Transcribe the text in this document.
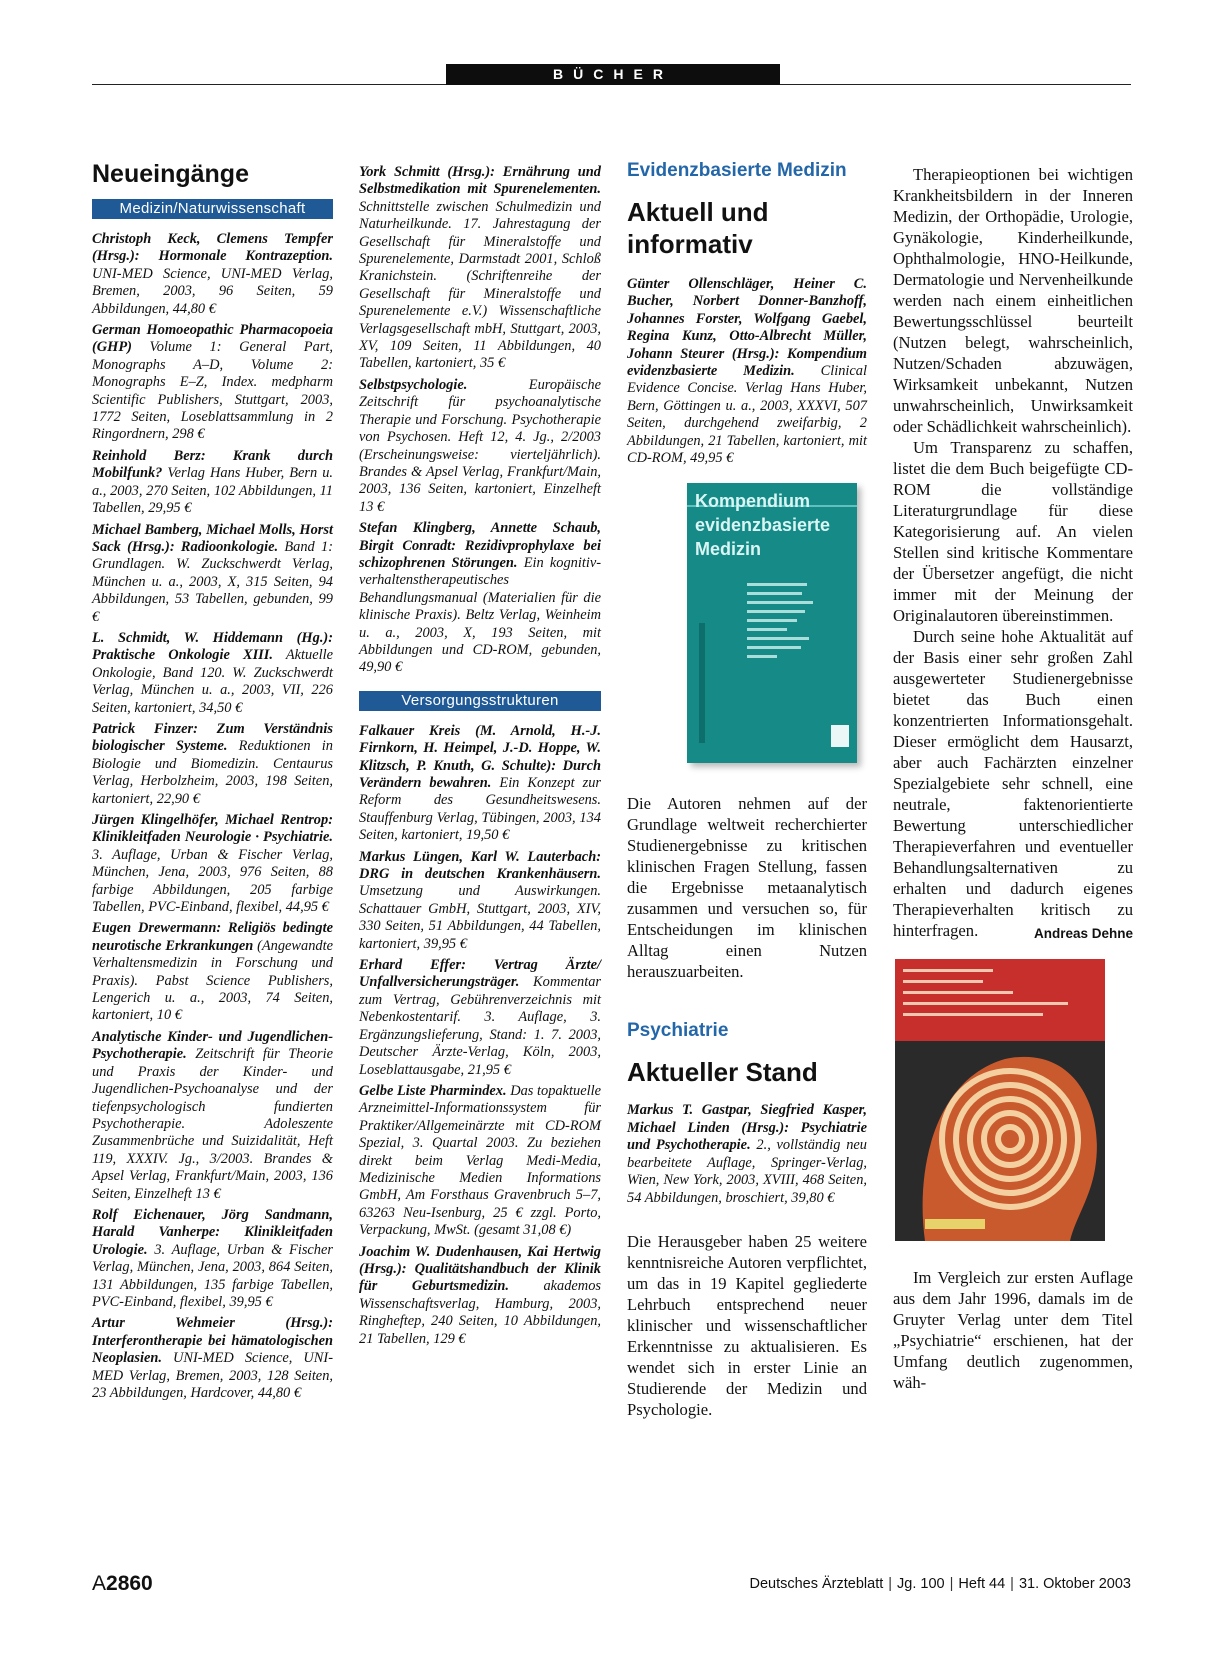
BÜCHER
Neueingänge
Medizin/Naturwissenschaft

Christoph Keck, Clemens Tempfer (Hrsg.): Hormonale Kontrazeption. UNI-MED Science, UNI-MED Verlag, Bremen, 2003, 96 Seiten, 59 Abbildungen, 44,80 €

German Homoeopathic Pharmacopoeia (GHP) Volume 1: General Part, Monographs A–D, Volume 2: Monographs E–Z, Index. medpharm Scientific Publishers, Stuttgart, 2003, 1772 Seiten, Loseblattsammlung in 2 Ringordnern, 298 €

Reinhold Berz: Krank durch Mobilfunk? Verlag Hans Huber, Bern u. a., 2003, 270 Seiten, 102 Abbildungen, 11 Tabellen, 29,95 €

Michael Bamberg, Michael Molls, Horst Sack (Hrsg.): Radioonkologie. Band 1: Grundlagen. W. Zuckschwerdt Verlag, München u. a., 2003, X, 315 Seiten, 94 Abbildungen, 53 Tabellen, gebunden, 99 €

L. Schmidt, W. Hiddemann (Hg.): Praktische Onkologie XIII. Aktuelle Onkologie, Band 120. W. Zuckschwerdt Verlag, München u. a., 2003, VII, 226 Seiten, kartoniert, 34,50 €

Patrick Finzer: Zum Verständnis biologischer Systeme. Reduktionen in Biologie und Biomedizin. Centaurus Verlag, Herbolzheim, 2003, 198 Seiten, kartoniert, 22,90 €

Jürgen Klingelhöfer, Michael Rentrop: Klinikleitfaden Neurologie · Psychiatrie. 3. Auflage, Urban & Fischer Verlag, München, Jena, 2003, 976 Seiten, 88 farbige Abbildungen, 205 farbige Tabellen, PVC-Einband, flexibel, 44,95 €

Eugen Drewermann: Religiös bedingte neurotische Erkrankungen (Angewandte Verhaltensmedizin in Forschung und Praxis). Pabst Science Publishers, Lengerich u. a., 2003, 74 Seiten, kartoniert, 10 €

Analytische Kinder- und Jugendlichen-Psychotherapie. Zeitschrift für Theorie und Praxis der Kinder- und Jugendlichen-Psychoanalyse und der tiefenpsychologisch fundierten Psychotherapie. Adoleszente Zusammenbrüche und Suizidalität, Heft 119, XXXIV. Jg., 3/2003. Brandes & Apsel Verlag, Frankfurt/Main, 2003, 136 Seiten, Einzelheft 13 €

Rolf Eichenauer, Jörg Sandmann, Harald Vanherpe: Klinikleitfaden Urologie. 3. Auflage, Urban & Fischer Verlag, München, Jena, 2003, 864 Seiten, 131 Abbildungen, 135 farbige Tabellen, PVC-Einband, flexibel, 39,95 €

Artur Wehmeier (Hrsg.): Interferontherapie bei hämatologischen Neoplasien. UNI-MED Science, UNI-MED Verlag, Bremen, 2003, 128 Seiten, 23 Abbildungen, Hardcover, 44,80 €

York Schmitt (Hrsg.): Ernährung und Selbstmedikation mit Spurenelementen. Schnittstelle zwischen Schulmedizin und Naturheilkunde. 17. Jahrestagung der Gesellschaft für Mineralstoffe und Spurenelemente, Darmstadt 2001, Schloß Kranichstein. (Schriftenreihe der Gesellschaft für Mineralstoffe und Spurenelemente e.V.) Wissenschaftliche Verlagsgesellschaft mbH, Stuttgart, 2003, XV, 109 Seiten, 11 Abbildungen, 40 Tabellen, kartoniert, 35 €

Selbstpsychologie. Europäische Zeitschrift für psychoanalytische Therapie und Forschung. Psychotherapie von Psychosen. Heft 12, 4. Jg., 2/2003 (Erscheinungsweise: vierteljährlich). Brandes & Apsel Verlag, Frankfurt/Main, 2003, 136 Seiten, kartoniert, Einzelheft 13 €

Stefan Klingberg, Annette Schaub, Birgit Conradt: Rezidivprophylaxe bei schizophrenen Störungen. Ein kognitiv-verhaltenstherapeutisches Behandlungsmanual (Materialien für die klinische Praxis). Beltz Verlag, Weinheim u. a., 2003, X, 193 Seiten, mit Abbildungen und CD-ROM, gebunden, 49,90 €

Versorgungsstrukturen

Falkauer Kreis (M. Arnold, H.-J. Firnkorn, H. Heimpel, J.-D. Hoppe, W. Klitzsch, P. Knuth, G. Schulte): Durch Verändern bewahren. Ein Konzept zur Reform des Gesundheitswesens. Stauffenburg Verlag, Tübingen, 2003, 134 Seiten, kartoniert, 19,50 €

Markus Lüngen, Karl W. Lauterbach: DRG in deutschen Krankenhäusern. Umsetzung und Auswirkungen. Schattauer GmbH, Stuttgart, 2003, XIV, 330 Seiten, 51 Abbildungen, 44 Tabellen, kartoniert, 39,95 €

Erhard Effer: Vertrag Ärzte/ Unfallversicherungsträger. Kommentar zum Vertrag, Gebührenverzeichnis mit Nebenkostentarif. 3. Auflage, 3. Ergänzungslieferung, Stand: 1. 7. 2003, Deutscher Ärzte-Verlag, Köln, 2003, Loseblattausgabe, 21,95 €

Gelbe Liste Pharmindex. Das topaktuelle Arzneimittel-Informationssystem für Praktiker/Allgemeinärzte mit CD-ROM Spezial, 3. Quartal 2003. Zu beziehen direkt beim Verlag Medi-Media, Medizinische Medien Informations GmbH, Am Forsthaus Gravenbruch 5–7, 63263 Neu-Isenburg, 25 € zzgl. Porto, Verpackung, MwSt. (gesamt 31,08 €)

Joachim W. Dudenhausen, Kai Hertwig (Hrsg.): Qualitätshandbuch der Klinik für Geburtsmedizin. akademos Wissenschaftsverlag, Hamburg, 2003, Ringheftер, 240 Seiten, 10 Abbildungen, 21 Tabellen, 129 €

Evidenzbasierte Medizin
Aktuell und informativ

Günter Ollenschläger, Heiner C. Bucher, Norbert Donner-Banzhoff, Johannes Forster, Wolfgang Gaebel, Regina Kunz, Otto-Albrecht Müller, Johann Steurer (Hrsg.): Kompendium evidenzbasierte Medizin. Clinical Evidence Concise. Verlag Hans Huber, Bern, Göttingen u. a., 2003, XXXVI, 507 Seiten, durchgehend zweifarbig, 2 Abbildungen, 21 Tabellen, kartoniert, mit CD-ROM, 49,95 €

Kompendium
evidenzbasierte
Medizin

Die Autoren nehmen auf der Grundlage weltweit recherchierter Studienergebnisse zu kritischen klinischen Fragen Stellung, fassen die Ergebnisse metaanalytisch zusammen und versuchen so, für Entscheidungen im klinischen Alltag einen Nutzen herauszuarbeiten.

Psychiatrie
Aktueller Stand

Markus T. Gastpar, Siegfried Kasper, Michael Linden (Hrsg.): Psychiatrie und Psychotherapie. 2., vollständig neu bearbeitete Auflage, Springer-Verlag, Wien, New York, 2003, XVIII, 468 Seiten, 54 Abbildungen, broschiert, 39,80 €

Die Herausgeber haben 25 weitere kenntnisreiche Autoren verpflichtet, um das in 19 Kapitel gegliederte Lehrbuch entsprechend neuer klinischer und wissenschaftlicher Erkenntnisse zu aktualisieren. Es wendet sich in erster Linie an Studierende der Medizin und Psychologie.

Therapieoptionen bei wichtigen Krankheitsbildern in der Inneren Medizin, der Orthopädie, Urologie, Gynäkologie, Kinderheilkunde, Ophthalmologie, HNO-Heilkunde, Dermatologie und Nervenheilkunde werden nach einem einheitlichen Bewertungsschlüssel beurteilt (Nutzen belegt, wahrscheinlich, Nutzen/Schaden abzuwägen, Wirksamkeit unbekannt, Nutzen unwahrscheinlich, Unwirksamkeit oder Schädlichkeit wahrscheinlich).

Um Transparenz zu schaffen, listet die dem Buch beigefügte CD-ROM die vollständige Literaturgrundlage für diese Kategorisierung auf. An vielen Stellen sind kritische Kommentare der Übersetzer angefügt, die nicht immer mit der Meinung der Originalautoren übereinstimmen.

Durch seine hohe Aktualität auf der Basis einer sehr großen Zahl ausgewerteter Studienergebnisse bietet das Buch einen konzentrierten Informationsgehalt. Dieser ermöglicht dem Hausarzt, aber auch Fachärzten einzelner Spezialgebiete sehr schnell, eine neutrale, faktenorientierte Bewertung unterschiedlicher Therapieverfahren und eventueller Behandlungsalternativen zu erhalten und dadurch eigenes Therapieverhalten kritisch zu hinterfragen.	Andreas Dehne

Im Vergleich zur ersten Auflage aus dem Jahr 1996, damals im de Gruyter Verlag unter dem Titel „Psychiatrie“ erschienen, hat der Umfang deutlich zugenommen, wäh-

A2860	Deutsches Ärzteblatt | Jg. 100 | Heft 44 | 31. Oktober 2003
